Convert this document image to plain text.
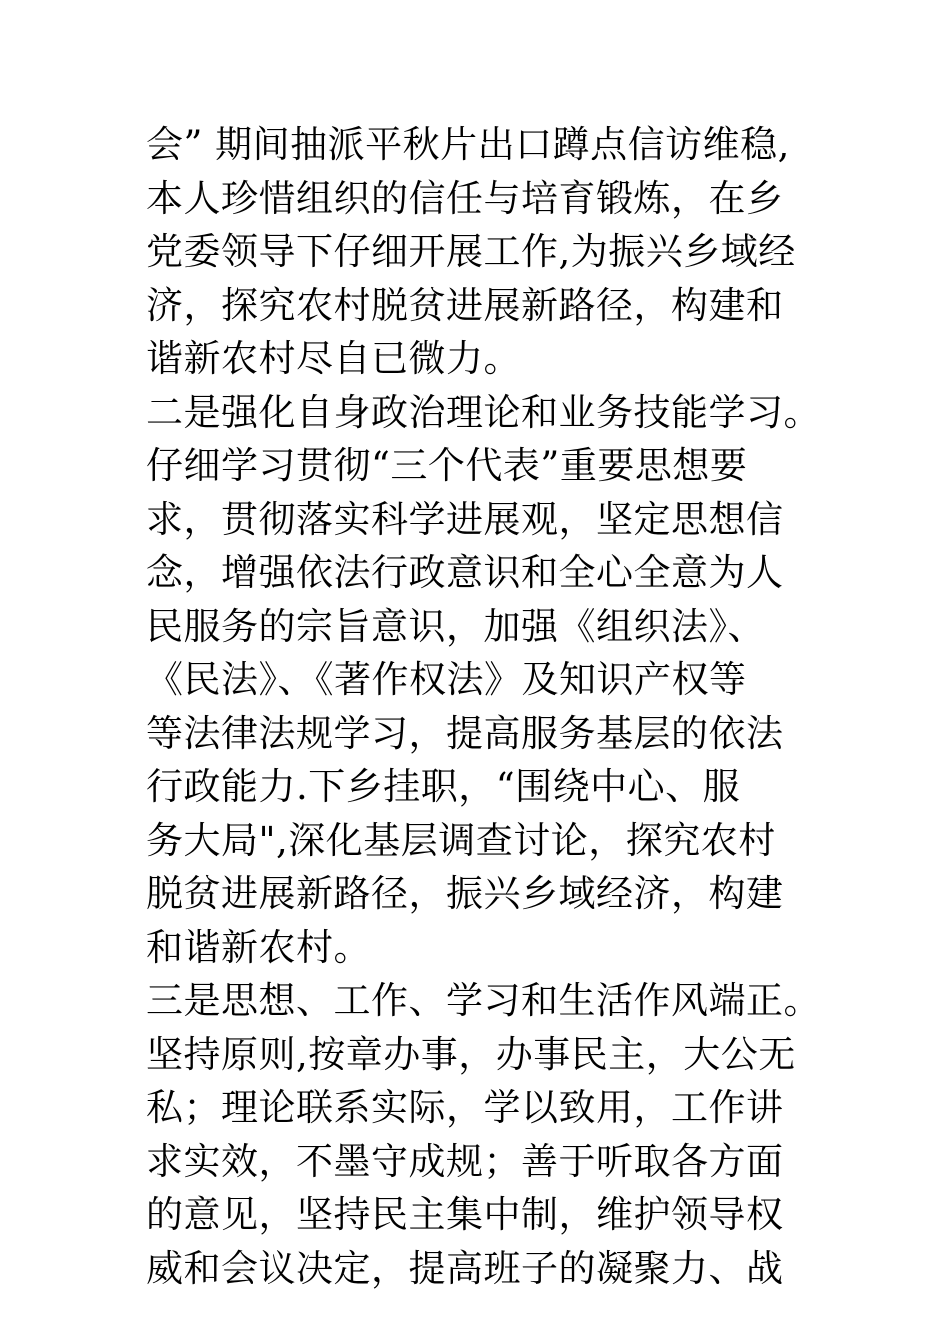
会” 期间抽派平秋片出口蹲点信访维稳,
本人珍惜组织的信任与培育锻炼，在乡
党委领导下仔细开展工作,为振兴乡域经
济，探究农村脱贫进展新路径，构建和
谐新农村尽自已微力。
二是强化自身政治理论和业务技能学习。
仔细学习贯彻“三个代表”重要思想要
求，贯彻落实科学进展观，坚定思想信
念，增强依法行政意识和全心全意为人
民服务的宗旨意识，加强《组织法》、
《民法》、《著作权法》及知识产权等
等法律法规学习，提高服务基层的依法
行政能力.下乡挂职，“围绕中心、服
务大局",深化基层调查讨论，探究农村
脱贫进展新路径，振兴乡域经济，构建
和谐新农村。
三是思想、工作、学习和生活作风端正。
坚持原则,按章办事，办事民主，大公无
私；理论联系实际，学以致用，工作讲
求实效，不墨守成规；善于听取各方面
的意见，坚持民主集中制，维护领导权
威和会议决定，提高班子的凝聚力、战
